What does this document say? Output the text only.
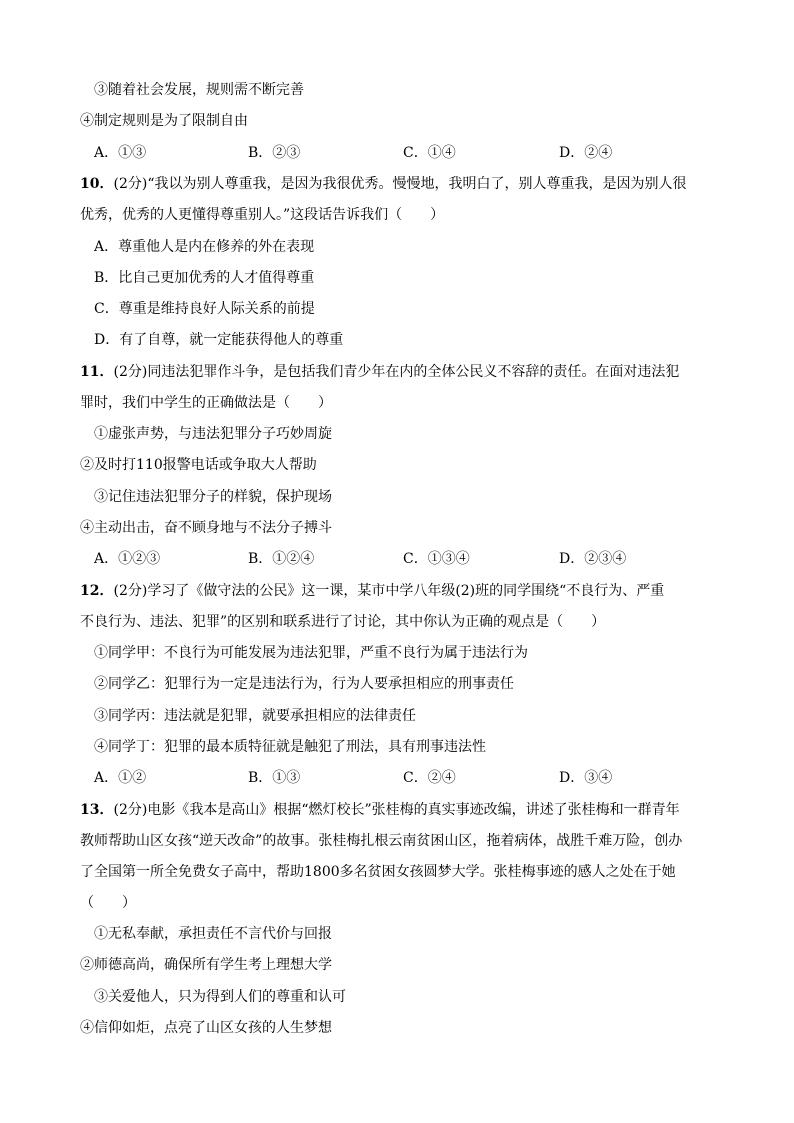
③随着社会发展，规则需不断完善
④制定规则是为了限制自由
A．①③	B．②③	C．①④	D．②④
10．(2分)“我以为别人尊重我，是因为我很优秀。慢慢地，我明白了，别人尊重我，是因为别人很
优秀，优秀的人更懂得尊重别人。”这段话告诉我们（　　）
A．尊重他人是内在修养的外在表现
B．比自己更加优秀的人才值得尊重
C．尊重是维持良好人际关系的前提
D．有了自尊，就一定能获得他人的尊重
11．(2分)同违法犯罪作斗争，是包括我们青少年在内的全体公民义不容辞的责任。在面对违法犯
罪时，我们中学生的正确做法是（　　）
①虚张声势，与违法犯罪分子巧妙周旋
②及时打110报警电话或争取大人帮助
③记住违法犯罪分子的样貌，保护现场
④主动出击，奋不顾身地与不法分子搏斗
A．①②③	B．①②④	C．①③④	D．②③④
12．(2分)学习了《做守法的公民》这一课，某市中学八年级(2)班的同学围绕“不良行为、严重
不良行为、违法、犯罪”的区别和联系进行了讨论，其中你认为正确的观点是（　　）
①同学甲：不良行为可能发展为违法犯罪，严重不良行为属于违法行为
②同学乙：犯罪行为一定是违法行为，行为人要承担相应的刑事责任
③同学丙：违法就是犯罪，就要承担相应的法律责任
④同学丁：犯罪的最本质特征就是触犯了刑法，具有刑事违法性
A．①②	B．①③	C．②④	D．③④
13．(2分)电影《我本是高山》根据“燃灯校长”张桂梅的真实事迹改编，讲述了张桂梅和一群青年
教师帮助山区女孩“逆天改命”的故事。张桂梅扎根云南贫困山区，拖着病体，战胜千难万险，创办
了全国第一所全免费女子高中，帮助1800多名贫困女孩圆梦大学。张桂梅事迹的感人之处在于她
（　　）
①无私奉献，承担责任不言代价与回报
②师德高尚，确保所有学生考上理想大学
③关爱他人，只为得到人们的尊重和认可
④信仰如炬，点亮了山区女孩的人生梦想
